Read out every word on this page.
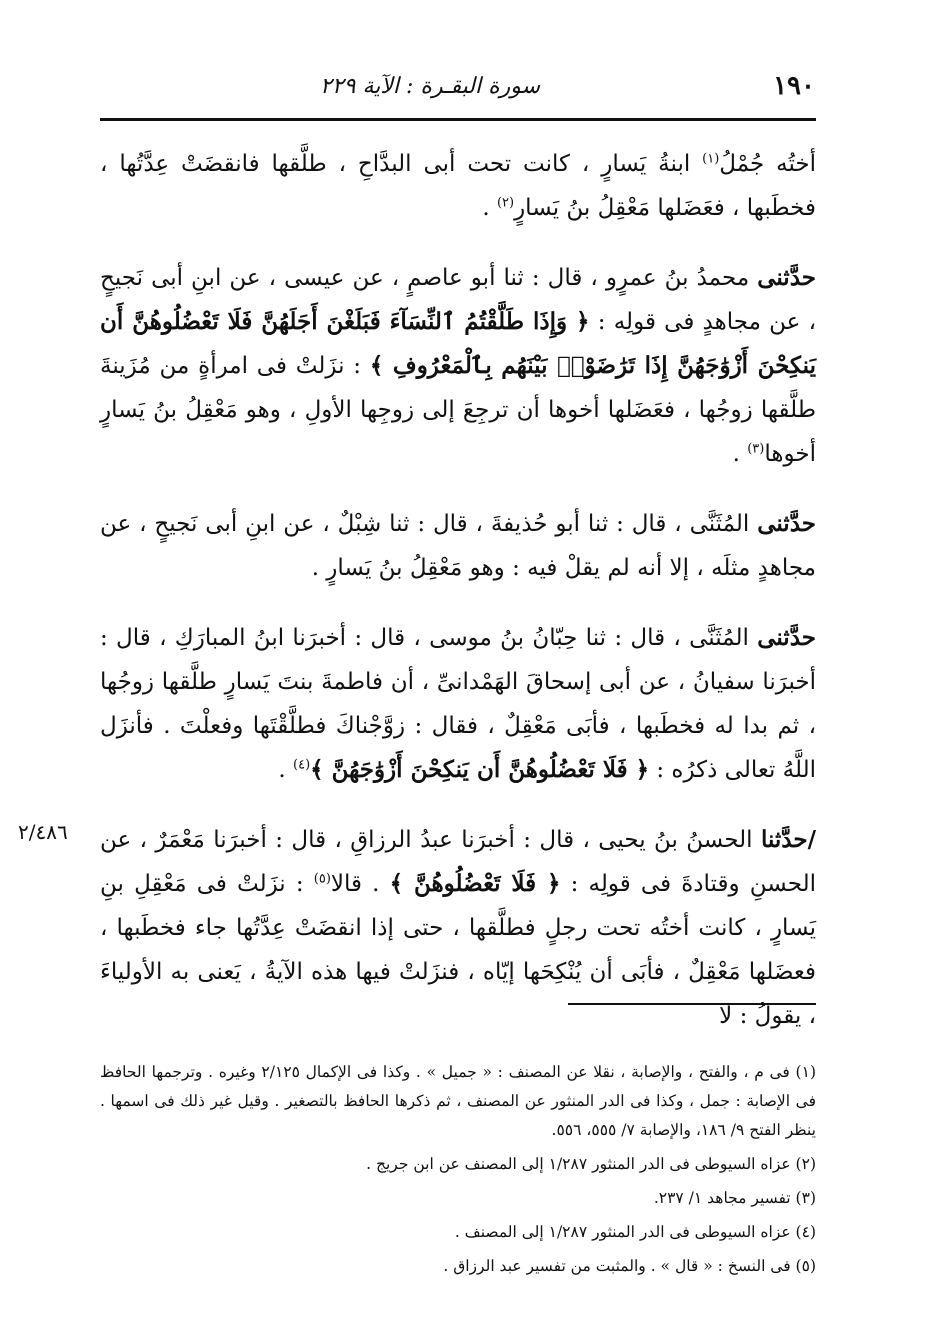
١٩٠
سورة البقـرة : الآية ٢٢٩
٢/٤٨٦

أختُه جُمْلُ$^{(١)}$ ابنةُ يَسارٍ ، كانت تحت أبى البدَّاحِ ، طلَّقها فانقضَتْ عِدَّتُها ، فخطَبها ، فعَضَلها مَعْقِلُ بنُ يَسارٍ$^{(٢)}$ .

حدَّثنى محمدُ بنُ عمرٍو ، قال : ثنا أبو عاصمٍ ، عن عيسى ، عن ابنِ أبى نَجيحٍ ، عن مجاهدٍ فى قولِه : ﴿ وَإِذَا طَلَّقْتُمُ ٱلنِّسَآءَ فَبَلَغْنَ أَجَلَهُنَّ فَلَا تَعْضُلُوهُنَّ أَن يَنكِحْنَ أَزْوَٰجَهُنَّ إِذَا تَرَٰضَوْا۟ بَيْنَهُم بِٱلْمَعْرُوفِ ﴾ : نزَلتْ فى امرأةٍ من مُزَينةَ طلَّقها زوجُها ، فعَضَلها أخوها أن ترجِعَ إلى زوجِها الأولِ ، وهو مَعْقِلُ بنُ يَسارٍ أخوها$^{(٣)}$ .

حدَّثنى المُثَنَّى ، قال : ثنا أبو حُذيفةَ ، قال : ثنا شِبْلٌ ، عن ابنِ أبى نَجيحٍ ، عن مجاهدٍ مثلَه ، إلا أنه لم يقلْ فيه : وهو مَعْقِلُ بنُ يَسارٍ .

حدَّثنى المُثَنَّى ، قال : ثنا حِبّانُ بنُ موسى ، قال : أخبرَنا ابنُ المبارَكِ ، قال : أخبرَنا سفيانُ ، عن أبى إسحاقَ الهَمْدانىِّ ، أن فاطمةَ بنتَ يَسارٍ طلَّقها زوجُها ، ثم بدا له فخطَبها ، فأبَى مَعْقِلٌ ، فقال : زوَّجْناكَ فطلَّقْتَها وفعلْتَ . فأنزَل اللَّهُ تعالى ذكرُه : ﴿ فَلَا تَعْضُلُوهُنَّ أَن يَنكِحْنَ أَزْوَٰجَهُنَّ ﴾$^{(٤)}$ .

/حدَّثنا الحسنُ بنُ يحيى ، قال : أخبرَنا عبدُ الرزاقِ ، قال : أخبرَنا مَعْمَرٌ ، عن الحسنِ وقتادةَ فى قولِه : ﴿ فَلَا تَعْضُلُوهُنَّ ﴾ . قالا$^{(٥)}$ : نزَلتْ فى مَعْقِلِ بنِ يَسارٍ ، كانت أختُه تحت رجلٍ فطلَّقها ، حتى إذا انقضَتْ عِدَّتُها جاء فخطَبها ، فعضَلها مَعْقِلٌ ، فأبَى أن يُنْكِحَها إيّاه ، فنزَلتْ فيها هذه الآيةُ ، يَعنى به الأولياءَ ، يقولُ : لا

(١) فى م ، والفتح ، والإصابة ، نقلا عن المصنف : « جميل » . وكذا فى الإكمال ٢/١٢٥ وغيره . وترجمها الحافظ فى الإصابة : جمل ، وكذا فى الدر المنثور عن المصنف ، ثم ذكرها الحافظ بالتصغير . وقيل غير ذلك فى اسمها . ينظر الفتح ٩/ ١٨٦، والإصابة ٧/ ٥٥٥، ٥٥٦.

(٢) عزاه السيوطى فى الدر المنثور ١/٢٨٧ إلى المصنف عن ابن جريج .

(٣) تفسير مجاهد ١/ ٢٣٧.

(٤) عزاه السيوطى فى الدر المنثور ١/٢٨٧ إلى المصنف .

(٥) فى النسخ : « قال » . والمثبت من تفسير عبد الرزاق .
